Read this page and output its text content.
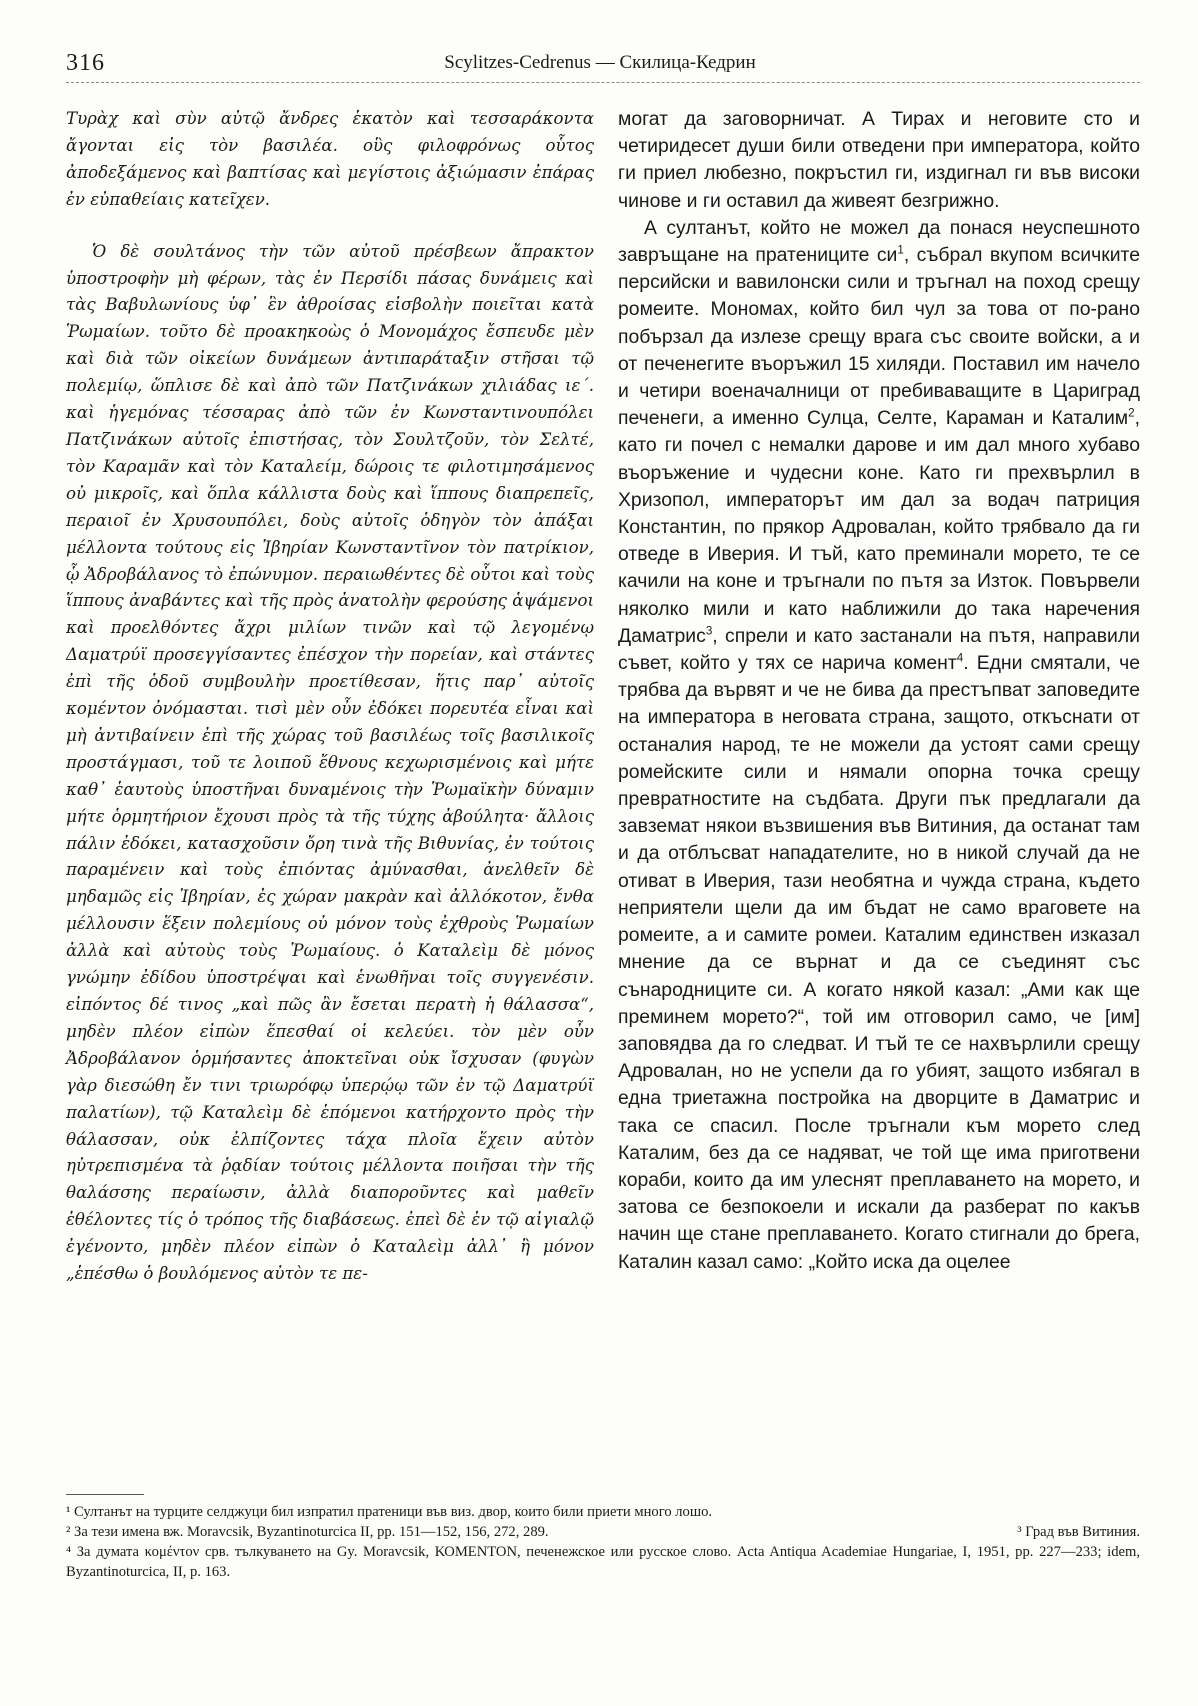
316	Scylitzes-Cedrenus — Скилица-Кедрин

Τυρὰχ καὶ σὺν αὐτῷ ἄνδρες ἑκατὸν καὶ τεσσαράκοντα ἄγονται εἰς τὸν βασιλέα. οὓς φιλοφρόνως οὗτος ἀποδεξάμενος καὶ βαπτίσας καὶ μεγίστοις ἀξιώμασιν ἐπάρας ἐν εὐπαθείαις κατεῖχεν.

Ὁ δὲ σουλτάνος τὴν τῶν αὐτοῦ πρέσβεων ἄπρακτον ὑποστροφὴν μὴ φέρων, τὰς ἐν Περσίδι πάσας δυνάμεις καὶ τὰς Βαβυλωνίους ὑφ᾿ ἓν ἀθροίσας εἰσβολὴν ποιεῖται κατὰ Ῥωμαίων. τοῦτο δὲ προακηκοὼς ὁ Μονομάχος ἔσπευδε μὲν καὶ διὰ τῶν οἰκείων δυνάμεων ἀντιπαράταξιν στῆσαι τῷ πολεμίῳ, ὥπλισε δὲ καὶ ἀπὸ τῶν Πατζινάκων χιλιάδας ιε΄. καὶ ἡγεμόνας τέσσαρας ἀπὸ τῶν ἐν Κωνσταντινουπόλει Πατζινάκων αὐτοῖς ἐπιστήσας, τὸν Σουλτζοῦν, τὸν Σελτέ, τὸν Καραμᾶν καὶ τὸν Καταλείμ, δώροις τε φιλοτιμησάμενος οὐ μικροῖς, καὶ ὅπλα κάλλιστα δοὺς καὶ ἵππους διαπρεπεῖς, περαιοῖ ἐν Χρυσουπόλει, δοὺς αὐτοῖς ὁδηγὸν τὸν ἀπάξαι μέλλοντα τούτους εἰς Ἰβηρίαν Κωνσταντῖνον τὸν πατρίκιον, ᾧ Ἀδροβάλανος τὸ ἐπώνυμον. περαιωθέντες δὲ οὗτοι καὶ τοὺς ἵππους ἀναβάντες καὶ τῆς πρὸς ἀνατολὴν φερούσης ἁψάμενοι καὶ προελθόντες ἄχρι μιλίων τινῶν καὶ τῷ λεγομένῳ Δαματρύϊ προσεγγίσαντες ἐπέσχον τὴν πορείαν, καὶ στάντες ἐπὶ τῆς ὁδοῦ συμβουλὴν προετίθεσαν, ἥτις παρ᾿ αὐτοῖς κομέντον ὀνόμασται. τισὶ μὲν οὖν ἐδόκει πορευτέα εἶναι καὶ μὴ ἀντιβαίνειν ἐπὶ τῆς χώρας τοῦ βασιλέως τοῖς βασιλικοῖς προστάγμασι, τοῦ τε λοιποῦ ἔθνους κεχωρισμένοις καὶ μήτε καθ᾿ ἑαυτοὺς ὑποστῆναι δυναμένοις τὴν Ῥωμαϊκὴν δύναμιν μήτε ὁρμητήριον ἔχουσι πρὸς τὰ τῆς τύχης ἀβούλητα· ἄλλοις πάλιν ἐδόκει, κατασχοῦσιν ὄρη τινὰ τῆς Βιθυνίας, ἐν τούτοις παραμένειν καὶ τοὺς ἐπιόντας ἀμύνασθαι, ἀνελθεῖν δὲ μηδαμῶς εἰς Ἰβηρίαν, ἐς χώραν μακρὰν καὶ ἀλλόκοτον, ἔνθα μέλλουσιν ἕξειν πολεμίους οὐ μόνον τοὺς ἐχθροὺς Ῥωμαίων ἀλλὰ καὶ αὐτοὺς τοὺς Ῥωμαίους. ὁ Καταλεὶμ δὲ μόνος γνώμην ἐδίδου ὑποστρέψαι καὶ ἑνωθῆναι τοῖς συγγενέσιν. εἰπόντος δέ τινος „καὶ πῶς ἂν ἔσεται περατὴ ἡ θάλασσα“, μηδὲν πλέον εἰπὼν ἕπεσθαί οἱ κελεύει. τὸν μὲν οὖν Ἀδροβάλανον ὁρμήσαντες ἀποκτεῖναι οὐκ ἴσχυσαν (φυγὼν γὰρ διεσώθη ἔν τινι τριωρόφῳ ὑπερῴῳ τῶν ἐν τῷ Δαματρύϊ παλατίων), τῷ Καταλεὶμ δὲ ἑπόμενοι κατήρχοντο πρὸς τὴν θάλασσαν, οὐκ ἐλπίζοντες τάχα πλοῖα ἕχειν αὐτὸν ηὐτρεπισμένα τὰ ῥᾳδίαν τούτοις μέλλοντα ποιῆσαι τὴν τῆς θαλάσσης περαίωσιν, ἀλλὰ διαπορoῦντες καὶ μαθεῖν ἐθέλοντες τίς ὁ τρόπος τῆς διαβάσεως. ἐπεὶ δὲ ἐν τῷ αἰγιαλῷ ἐγένοντο, μηδὲν πλέον εἰπὼν ὁ Καταλεὶμ ἀλλ᾿ ἢ μόνον „ἑπέσθω ὁ βουλόμενος αὐτὸν τε πε-

могат да заговорничат. А Тирах и неговите сто и четиридесет души били отведени при императора, който ги приел любезно, покръстил ги, издигнал ги във високи чинове и ги оставил да живеят безгрижно.

А султанът, който не можел да понася неуспешното завръщане на пратениците $си^1$, събрал вкупом всичките персийски и вавилонски сили и тръгнал на поход срещу ромеите. Мономах, който бил чул за това от по-рано побързал да излезе срещу врага със своите войски, а и от печенегите въоръжил 15 хиляди. Поставил им начело и четири военачалници от пребиваващите в Цариград печенеги, а именно Сулца, Селте, Караман и Каталим$^2$, като ги почел с немалки дарове и им дал много хубаво въоръжение и чудесни коне. Като ги прехвърлил в Хризопол, императорът им дал за водач патриция Константин, по прякор Адровалан, който трябвало да ги отведе в Иверия. И тъй, като преминали морето, те се качили на коне и тръгнали по пътя за Изток. Повървели няколко мили и като наближили до така наречения Даматрис$^3$, спрели и като застанали на пътя, направили съвет, който у тях се нарича комент$^4$. Едни смятали, че трябва да вървят и че не бива да престъпват заповедите на императора в неговата страна, защото, откъснати от останалия народ, те не можели да устоят сами срещу ромейските сили и нямали опорна точка срещу превратностите на съдбата. Други пък предлагали да завземат някои възвишения във Витиния, да останат там и да отблъсват нападателите, но в никой случай да не отиват в Иверия, тази необятна и чужда страна, където неприятели щели да им бъдат не само враговете на ромеите, а и самите ромеи. Каталим единствен изказал мнение да се върнат и да се съединят със сънародниците си. А когато някой казал: „Ами как ще преминем морето?“, той им отговорил само, че [им] заповядва да го следват. И тъй те се нахвърлили срещу Адровалан, но не успели да го убият, защото избягал в една триетажна постройка на дворците в Даматрис и така се спасил. После тръгнали към морето след Каталим, без да се надяват, че той ще има приготвени кораби, които да им улеснят преплаването на морето, и затова се безпокоели и искали да разберат по какъв начин ще стане преплаването. Когато стигнали до брега, Каталин казал само: „Който иска да оцелее

¹ Султанът на турците селджуци бил изпратил пратеници във виз. двор, които били приети много лошо.

² За тези имена вж. Moravcsik, Byzantinoturcica II, pp. 151—152, 156, 272, 289.	³ Град във Витиния.

⁴ За думата κομέντον срв. тълкуването на Gy. Moravcsik, ΚΟΜΕΝΤΟΝ, печенежское или русское слово. Acta Antiqua Academiae Hungariae, I, 1951, pp. 227—233; idem, Byzantinoturcica, II, p. 163.
